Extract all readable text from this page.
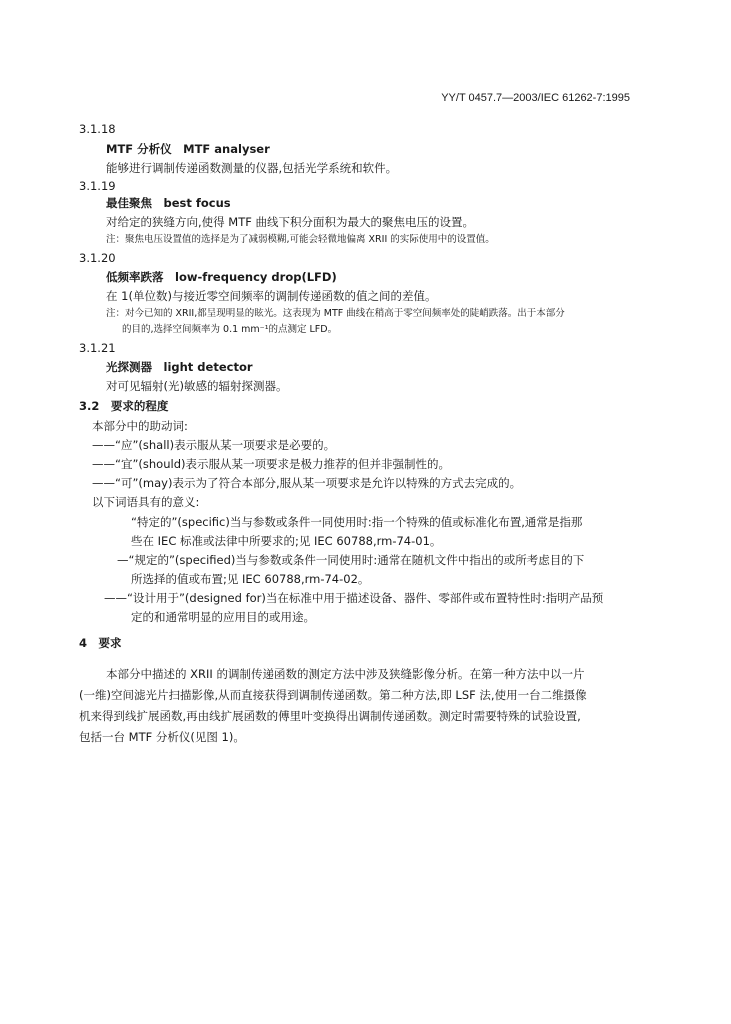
YY/T 0457.7—2003/IEC 61262-7:1995
3.1.18
MTF 分析仪　MTF analyser
能够进行调制传递函数测量的仪器,包括光学系统和软件。
3.1.19
最佳聚焦　best focus
对给定的狭缝方向,使得 MTF 曲线下积分面积为最大的聚焦电压的设置。
注：聚焦电压设置值的选择是为了减弱模糊,可能会轻微地偏离 XRII 的实际使用中的设置值。
3.1.20
低频率跌落　low-frequency drop(LFD)
在 1(单位数)与接近零空间频率的调制传递函数的值之间的差值。
注：对今已知的 XRII,都呈现明显的眩光。这表现为 MTF 曲线在稍高于零空间频率处的陡峭跌落。出于本部分
的目的,选择空间频率为 0.1 mm⁻¹的点测定 LFD。
3.1.21
光探测器　light detector
对可见辐射(光)敏感的辐射探测器。
3.2　要求的程度
本部分中的助动词:
——“应”(shall)表示服从某一项要求是必要的。
——“宜”(should)表示服从某一项要求是极力推荐的但并非强制性的。
——“可”(may)表示为了符合本部分,服从某一项要求是允许以特殊的方式去完成的。
以下词语具有的意义:
“特定的”(specific)当与参数或条件一同使用时:指一个特殊的值或标准化布置,通常是指那
些在 IEC 标准或法律中所要求的;见 IEC 60788,rm-74-01。
—“规定的”(specified)当与参数或条件一同使用时:通常在随机文件中指出的或所考虑目的下
所选择的值或布置;见 IEC 60788,rm-74-02。
——“设计用于”(designed for)当在标准中用于描述设备、器件、零部件或布置特性时:指明产品预
定的和通常明显的应用目的或用途。
4　要求
本部分中描述的 XRII 的调制传递函数的测定方法中涉及狭缝影像分析。在第一种方法中以一片
(一维)空间滤光片扫描影像,从而直接获得到调制传递函数。第二种方法,即 LSF 法,使用一台二维摄像
机来得到线扩展函数,再由线扩展函数的傅里叶变换得出调制传递函数。测定时需要特殊的试验设置,
包括一台 MTF 分析仪(见图 1)。
